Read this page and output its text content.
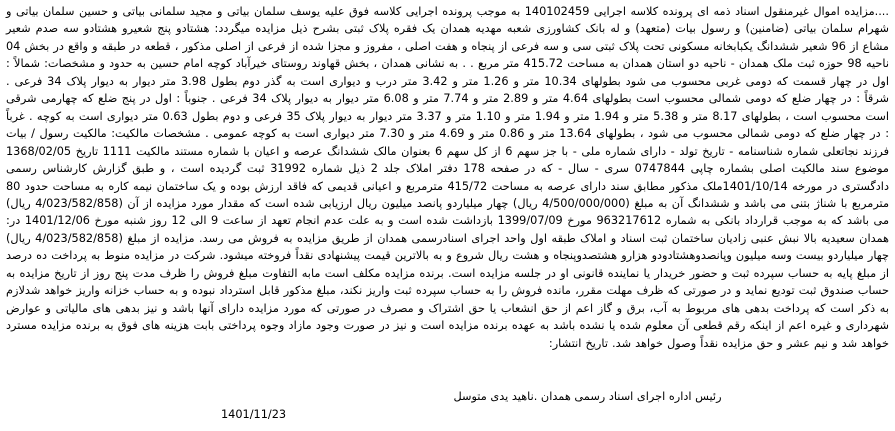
....مزایده اموال غیرمنقول اسناد ذمه ای پرونده کلاسه اجرایی 140102459 به موجب پرونده اجرایی کلاسه فوق علیه یوسف سلمان بیاتی و مجید سلمانی بیاتی و حسین سلمان بیاتی و شهرام سلمان بیاتی (ضامنین) و رسول بیات (متعهد) و له بانک کشاورزی شعبه مهدیه همدان یک فقره پلاک ثبتی بشرح ذیل مزایده میگردد: هشتادو پنج شعیرو هشتادو سه صدم شعیر مشاع از 96 شعیر ششدانگ یکبابخانه مسکونی تحت پلاک ثبتی سی و سه فرعی از پنجاه و هفت اصلی ، مفروز و مجزا شده از فرعی از اصلی مذکور ، قطعه در طبقه و واقع در بخش 04 ناحیه 98 حوزه ثبت ملک همدان - ناحیه دو استان همدان به مساحت 415.72 متر مربع . . به نشانی همدان ، بخش قهاوند روستای خیرآباد کوچه امام حسین به حدود و مشخصات: شمالاً : اول در چهار قسمت که دومی غربی محسوب می شود بطولهای 10.34 متر و 1.26 متر و 3.42 متر درب و دیواری است به گذر دوم بطول 3.98 متر دیوار به دیوار پلاک 34 فرعی . شرقاً : در چهار ضلع که دومی شمالی محسوب است بطولهای 4.64 متر و 2.89 متر و 7.74 متر و 6.08 متر دیوار به دیوار پلاک 34 فرعی . جنوباً : اول در پنج ضلع که چهارمی شرقی است محسوب است ، بطولهای 8.17 متر و 5.38 متر و 1.94 متر و 1.94 متر و 1.10 متر و 3.37 متر دیوار به دیوار پلاک 35 فرعی و دوم بطول 0.63 متر دیواری است به کوچه . غرباً : در چهار ضلع که دومی شمالی محسوب می شود ، بطولهای 13.64 متر و 0.86 متر و 4.69 متر و 7.30 متر دیواری است به کوچه عمومی . مشخصات مالکیت: مالکیت رسول / بیات فرزند نجاتعلی شماره شناسنامه - تاریخ تولد - دارای شماره ملی - با جز سهم 6 از کل سهم 6 بعنوان مالک ششدانگ عرصه و اعیان با شماره مستند مالکیت 1111 تاریخ 1368/02/05 موضوع سند مالکیت اصلی بشماره چاپی 0747844 سری - سال - که در صفحه 178 دفتر املاک جلد 2 ذیل شماره 31992 ثبت گردیده است ، و طبق گزارش کارشناس رسمی دادگستری در مورخه 1401/10/14ملک مذکور مطابق سند دارای عرصه به مساحت 415/72 مترمربع و اعیانی قدیمی که فاقد ارزش بوده و یک ساختمان نیمه کاره به مساحت حدود 80 مترمربع با شناژ بتنی می باشد و ششدانگ آن به مبلغ (4/500/000/000 ریال) چهار میلیاردو پانصد میلیون ریال ارزیابی شده است که مقدار مورد مزایده از آن (4/023/582/858 ریال) می باشد که به موجب قرارداد بانکی به شماره 963217612 مورخ 1399/07/09 بازداشت شده است و به علت عدم انجام تعهد از ساعت 9 الی 12 روز شنبه مورخ 1401/12/06 در: همدان سعیدیه بالا نبش عنبی زادیان ساختمان ثبت اسناد و املاک طبقه اول واحد اجرای اسنادرسمی همدان از طریق مزایده به فروش می رسد. مزایده از مبلغ (4/023/582/858 ریال) چهار میلیاردو بیست وسه میلیون وپانصدوهشتادودو هزارو هشتصدوپنجاه و هشت ریال شروع و به بالاترین قیمت پیشنهادی نقداً فروخته میشود. شرکت در مزایده منوط به پرداخت ده درصد از مبلغ پایه به حساب سپرده ثبت و حضور خریدار یا نماینده قانونی او در جلسه مزایده است. برنده مزایده مکلف است مابه التفاوت مبلغ فروش را ظرف مدت پنج روز از تاریخ مزایده به حساب صندوق ثبت تودیع نماید و در صورتی که ظرف مهلت مقرر، مانده فروش را به حساب سپرده ثبت واریز نکند، مبلغ مذکور قابل استرداد نبوده و به حساب خزانه واریز خواهد شدلازم به ذکر است که پرداخت بدهی های مربوط به آب، برق و گاز اعم از حق انشعاب یا حق اشتراک و مصرف در صورتی که مورد مزایده دارای آنها باشد و نیز بدهی های مالیاتی و عوارض شهرداری و غیره اعم از اینکه رقم قطعی آن معلوم شده یا نشده باشد به عهده برنده مزایده است و نیز در صورت وجود مازاد وجوه پرداختی بابت هزینه های فوق به برنده مزایده مسترد خواهد شد و نیم عشر و حق مزایده نقداً وصول خواهد شد. تاریخ انتشار:

رئیس اداره اجرای اسناد رسمی همدان .ناهید یدی متوسل

1401/11/23
